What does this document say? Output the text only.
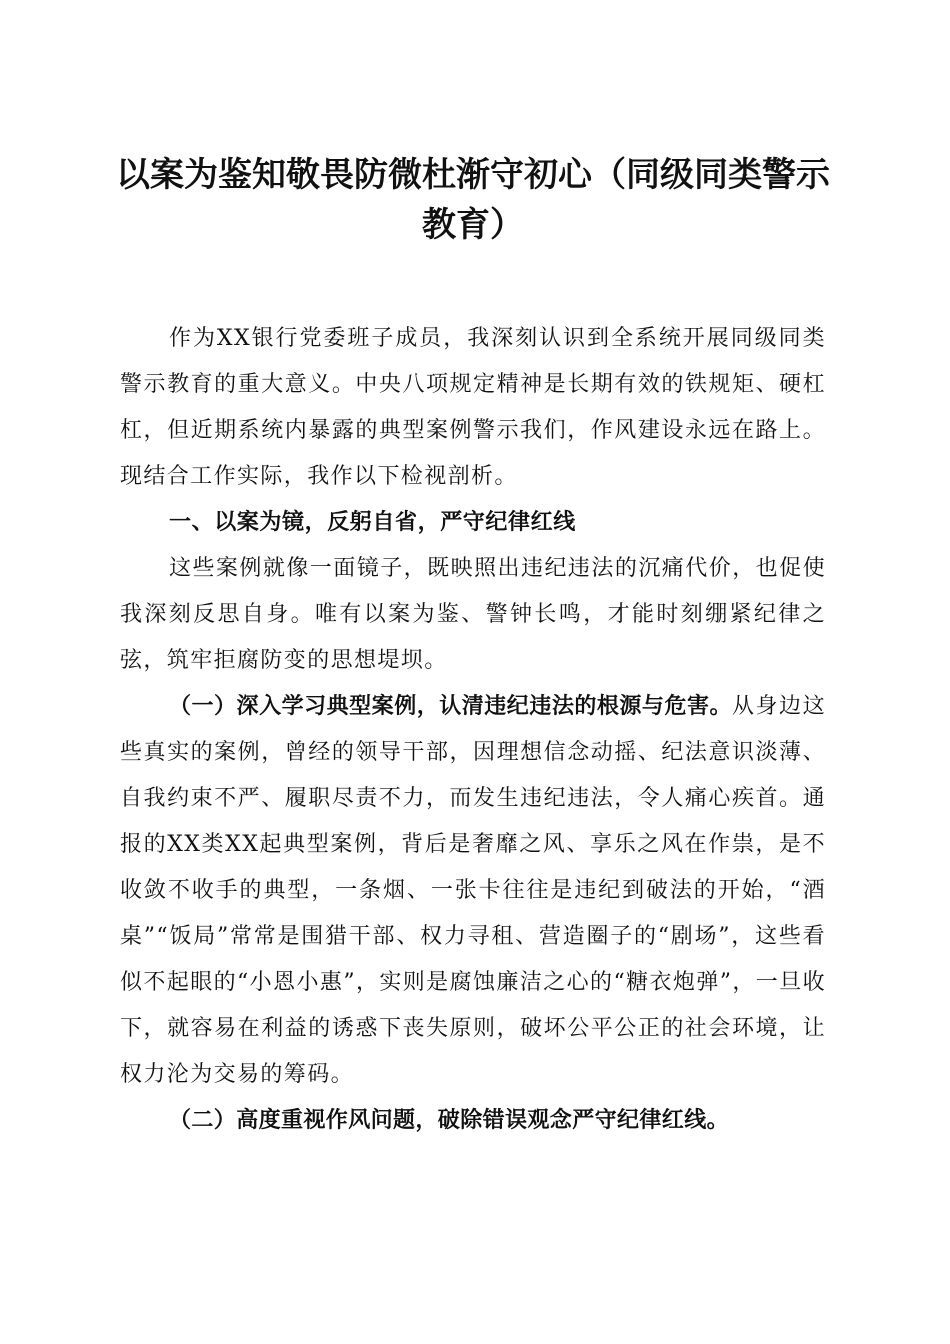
以案为鉴知敬畏防微杜渐守初心（同级同类警示教育）

作为XX银行党委班子成员，我深刻认识到全系统开展同级同类警示教育的重大意义。中央八项规定精神是长期有效的铁规矩、硬杠杠，但近期系统内暴露的典型案例警示我们，作风建设永远在路上。现结合工作实际，我作以下检视剖析。

一、以案为镜，反躬自省，严守纪律红线

这些案例就像一面镜子，既映照出违纪违法的沉痛代价，也促使我深刻反思自身。唯有以案为鉴、警钟长鸣，才能时刻绷紧纪律之弦，筑牢拒腐防变的思想堤坝。

（一）深入学习典型案例，认清违纪违法的根源与危害。从身边这些真实的案例，曾经的领导干部，因理想信念动摇、纪法意识淡薄、自我约束不严、履职尽责不力，而发生违纪违法，令人痛心疾首。通报的XX类XX起典型案例，背后是奢靡之风、享乐之风在作祟，是不收敛不收手的典型，一条烟、一张卡往往是违纪到破法的开始，“酒桌”“饭局”常常是围猎干部、权力寻租、营造圈子的“剧场”，这些看似不起眼的“小恩小惠”，实则是腐蚀廉洁之心的“糖衣炮弹”，一旦收下，就容易在利益的诱惑下丧失原则，破坏公平公正的社会环境，让权力沦为交易的筹码。

（二）高度重视作风问题，破除错误观念严守纪律红线。
